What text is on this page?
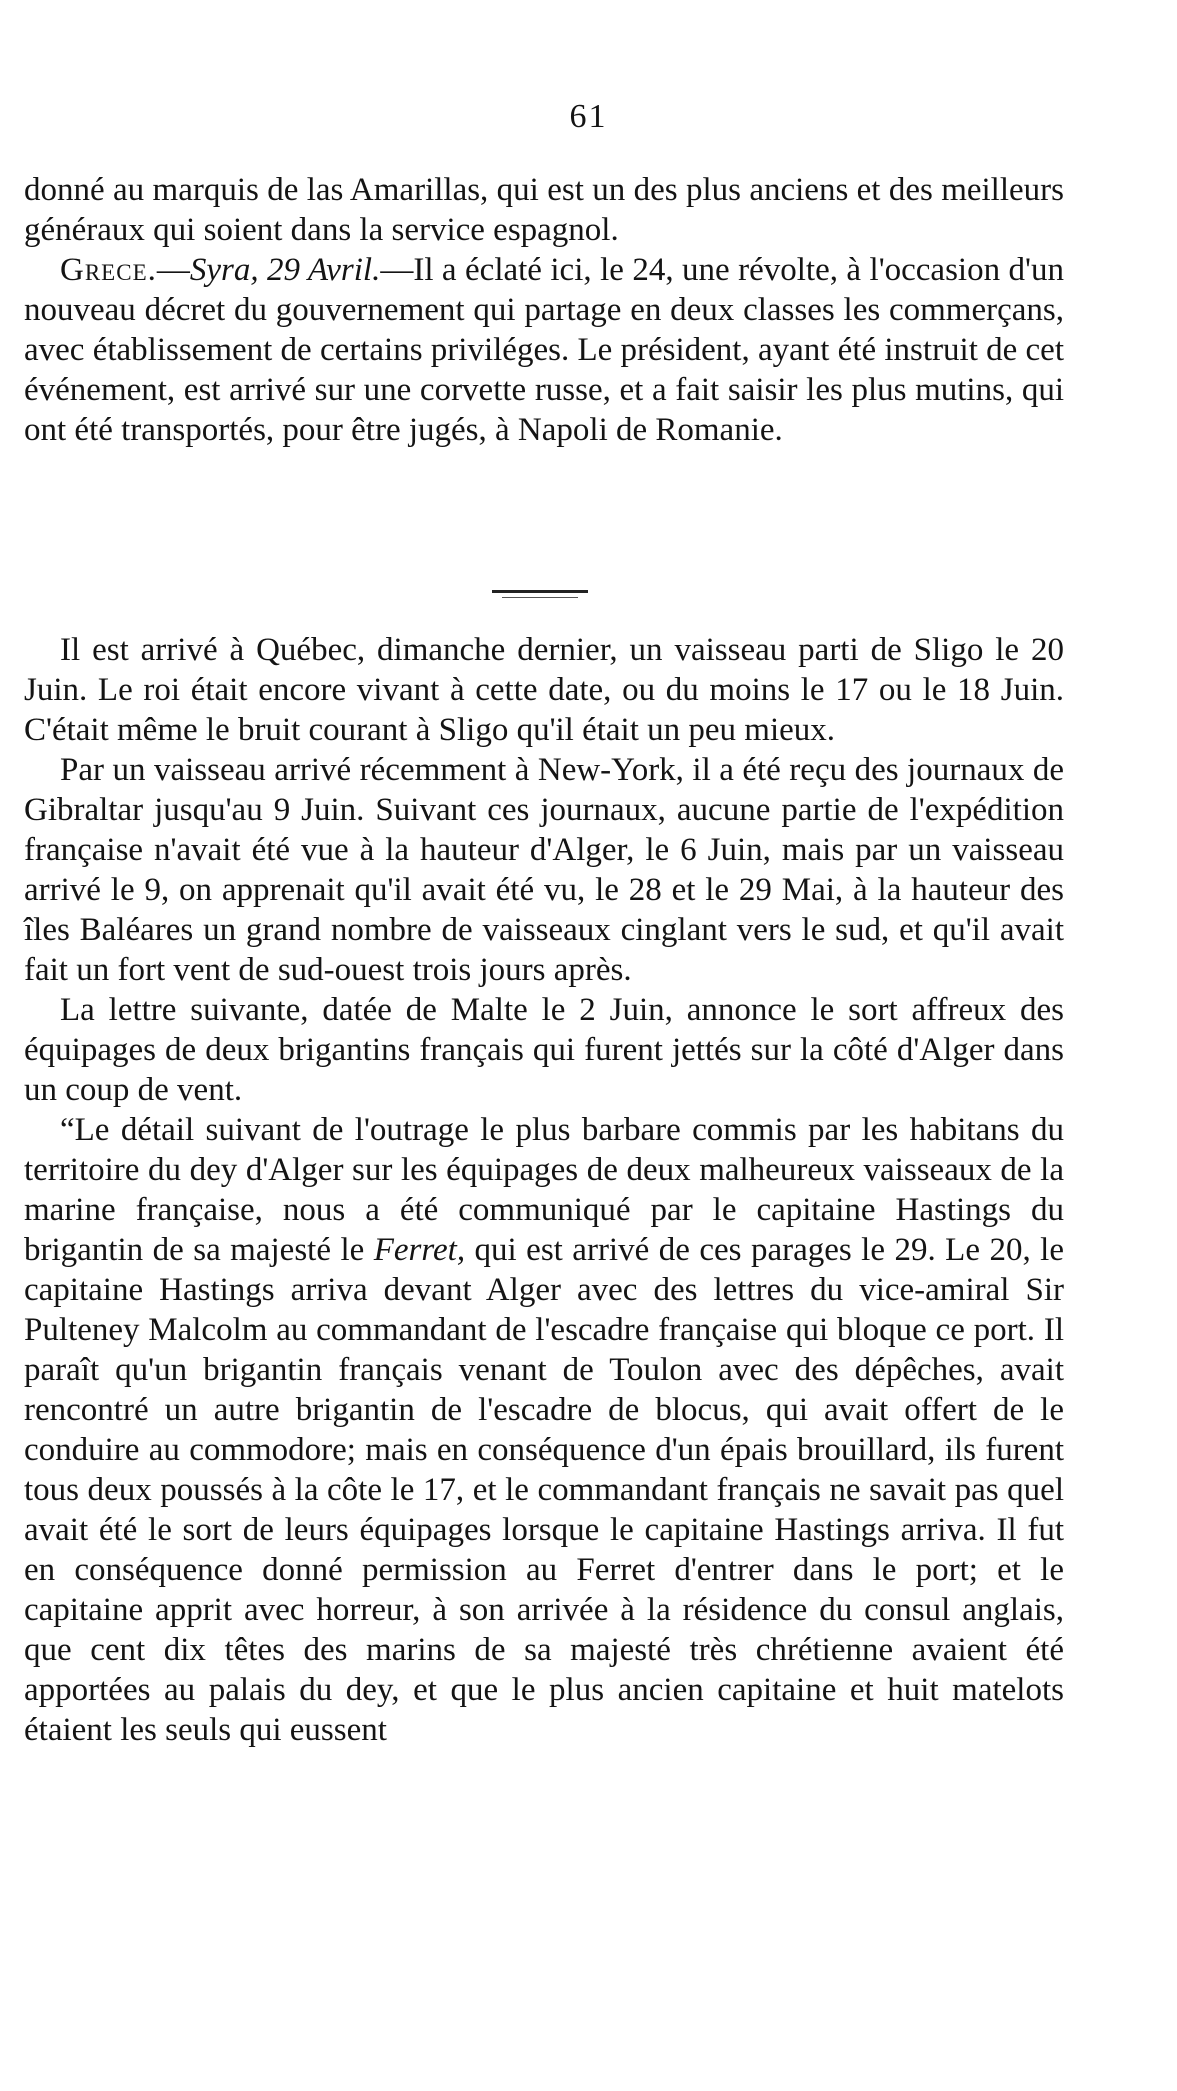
61

donné au marquis de las Amarillas, qui est un des plus anciens et des meilleurs généraux qui soient dans la service espagnol.

Grece.—Syra, 29 Avril.—Il a éclaté ici, le 24, une révolte, à l'occasion d'un nouveau décret du gouvernement qui partage en deux classes les commerçans, avec établissement de certains priviléges. Le président, ayant été instruit de cet événement, est arrivé sur une corvette russe, et a fait saisir les plus mutins, qui ont été transportés, pour être jugés, à Napoli de Romanie.

Il est arrivé à Québec, dimanche dernier, un vaisseau parti de Sligo le 20 Juin. Le roi était encore vivant à cette date, ou du moins le 17 ou le 18 Juin. C'était même le bruit courant à Sligo qu'il était un peu mieux.

Par un vaisseau arrivé récemment à New-York, il a été reçu des journaux de Gibraltar jusqu'au 9 Juin. Suivant ces journaux, aucune partie de l'expédition française n'avait été vue à la hauteur d'Alger, le 6 Juin, mais par un vaisseau arrivé le 9, on apprenait qu'il avait été vu, le 28 et le 29 Mai, à la hauteur des îles Baléares un grand nombre de vaisseaux cinglant vers le sud, et qu'il avait fait un fort vent de sud-ouest trois jours après.

La lettre suivante, datée de Malte le 2 Juin, annonce le sort affreux des équipages de deux brigantins français qui furent jettés sur la côté d'Alger dans un coup de vent.

“Le détail suivant de l'outrage le plus barbare commis par les habitans du territoire du dey d'Alger sur les équipages de deux malheureux vaisseaux de la marine française, nous a été communiqué par le capitaine Hastings du brigantin de sa majesté le Ferret, qui est arrivé de ces parages le 29. Le 20, le capitaine Hastings arriva devant Alger avec des lettres du vice-amiral Sir Pulteney Malcolm au commandant de l'escadre française qui bloque ce port. Il paraît qu'un brigantin français venant de Toulon avec des dépêches, avait rencontré un autre brigantin de l'escadre de blocus, qui avait offert de le conduire au commodore; mais en conséquence d'un épais brouillard, ils furent tous deux poussés à la côte le 17, et le commandant français ne savait pas quel avait été le sort de leurs équipages lorsque le capitaine Hastings arriva. Il fut en conséquence donné permission au Ferret d'entrer dans le port; et le capitaine apprit avec horreur, à son arrivée à la résidence du consul anglais, que cent dix têtes des marins de sa majesté très chrétienne avaient été apportées au palais du dey, et que le plus ancien capitaine et huit matelots étaient les seuls qui eussent
